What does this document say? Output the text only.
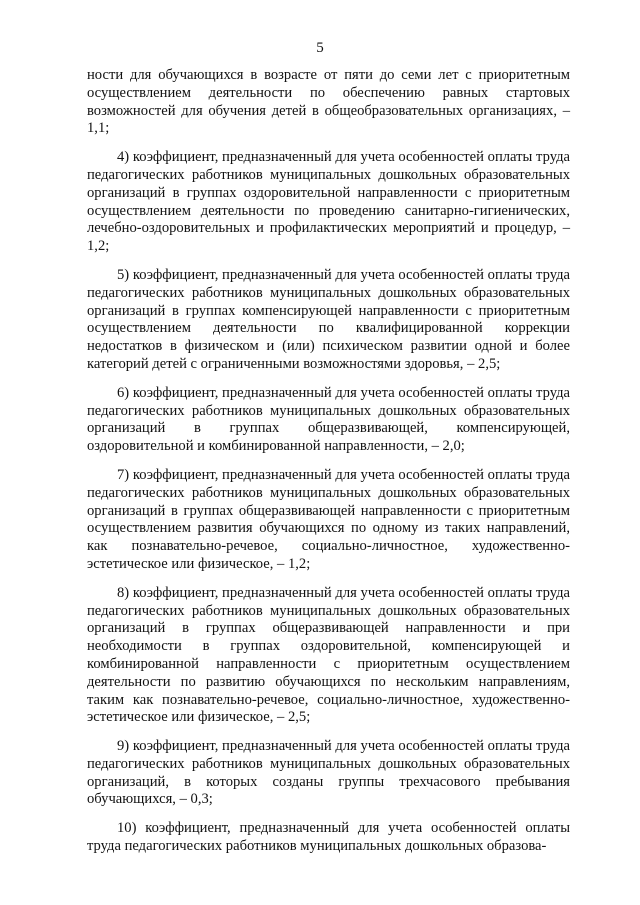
5

ности для обучающихся в возрасте от пяти до семи лет с приоритетным осуществлением деятельности по обеспечению равных стартовых возможностей для обучения детей в общеобразовательных организациях, – 1,1;

4) коэффициент, предназначенный для учета особенностей оплаты труда педагогических работников муниципальных дошкольных образовательных организаций в группах оздоровительной направленности с приоритетным осуществлением деятельности по проведению санитарно-гигиенических, лечебно-оздоровительных и профилактических мероприятий и процедур, – 1,2;

5) коэффициент, предназначенный для учета особенностей оплаты труда педагогических работников муниципальных дошкольных образовательных организаций в группах компенсирующей направленности с приоритетным осуществлением деятельности по квалифицированной коррекции недостатков в физическом и (или) психическом развитии одной и более категорий детей с ограниченными возможностями здоровья, – 2,5;

6) коэффициент, предназначенный для учета особенностей оплаты труда педагогических работников муниципальных дошкольных образовательных организаций в группах общеразвивающей, компенсирующей, оздоровительной и комбинированной направленности, – 2,0;

7) коэффициент, предназначенный для учета особенностей оплаты труда педагогических работников муниципальных дошкольных образовательных организаций в группах общеразвивающей направленности с приоритетным осуществлением развития обучающихся по одному из таких направлений, как познавательно-речевое, социально-личностное, художественно-эстетическое или физическое, – 1,2;

8) коэффициент, предназначенный для учета особенностей оплаты труда педагогических работников муниципальных дошкольных образовательных организаций в группах общеразвивающей направленности и при необходимости в группах оздоровительной, компенсирующей и комбинированной направленности с приоритетным осуществлением деятельности по развитию обучающихся по нескольким направлениям, таким как познавательно-речевое, социально-личностное, художественно-эстетическое или физическое, – 2,5;

9) коэффициент, предназначенный для учета особенностей оплаты труда педагогических работников муниципальных дошкольных образовательных организаций, в которых созданы группы трехчасового пребывания обучающихся, – 0,3;

10) коэффициент, предназначенный для учета особенностей оплаты труда педагогических работников муниципальных дошкольных образова-
